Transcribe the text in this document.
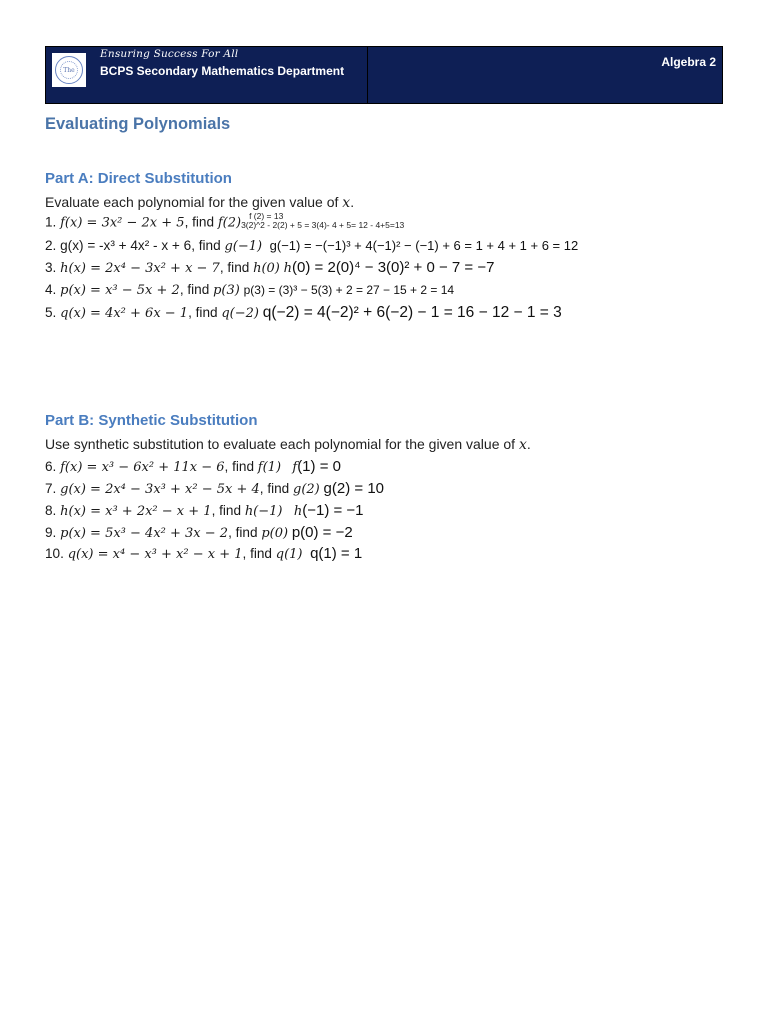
The
Ensuring Success For All
BCPS Secondary Mathematics Department
Algebra 2
Evaluating Polynomials
Part A: Direct Substitution
Evaluate each polynomial for the given value of x.
1. f(x) = 3x² − 2x + 5, find f(2) f (2) = 13
3(2)^2 - 2(2) + 5 = 3(4)- 4 + 5= 12 - 4+5=13
2. g(x) = -x³ + 4x² - x + 6, find g(−1) g(−1) = −(−1)³ + 4(−1)² − (−1) + 6 = 1 + 4 + 1 + 6 = 12
3. h(x) = 2x⁴ − 3x² + x − 7, find h(0) h(0) = 2(0)⁴ − 3(0)² + 0 − 7 = −7
4. p(x) = x³ − 5x + 2, find p(3) p(3) = (3)³ − 5(3) + 2 = 27 − 15 + 2 = 14
5. q(x) = 4x² + 6x − 1, find q(−2) q(−2) = 4(−2)² + 6(−2) − 1 = 16 − 12 − 1 = 3
Part B: Synthetic Substitution
Use synthetic substitution to evaluate each polynomial for the given value of x.
6. f(x) = x³ − 6x² + 11x − 6, find f(1) f(1) = 0
7. g(x) = 2x⁴ − 3x³ + x² − 5x + 4, find g(2) g(2) = 10
8. h(x) = x³ + 2x² − x + 1, find h(−1) h(−1) = −1
9. p(x) = 5x³ − 4x² + 3x − 2, find p(0) p(0) = −2
10. q(x) = x⁴ − x³ + x² − x + 1, find q(1) q(1) = 1
